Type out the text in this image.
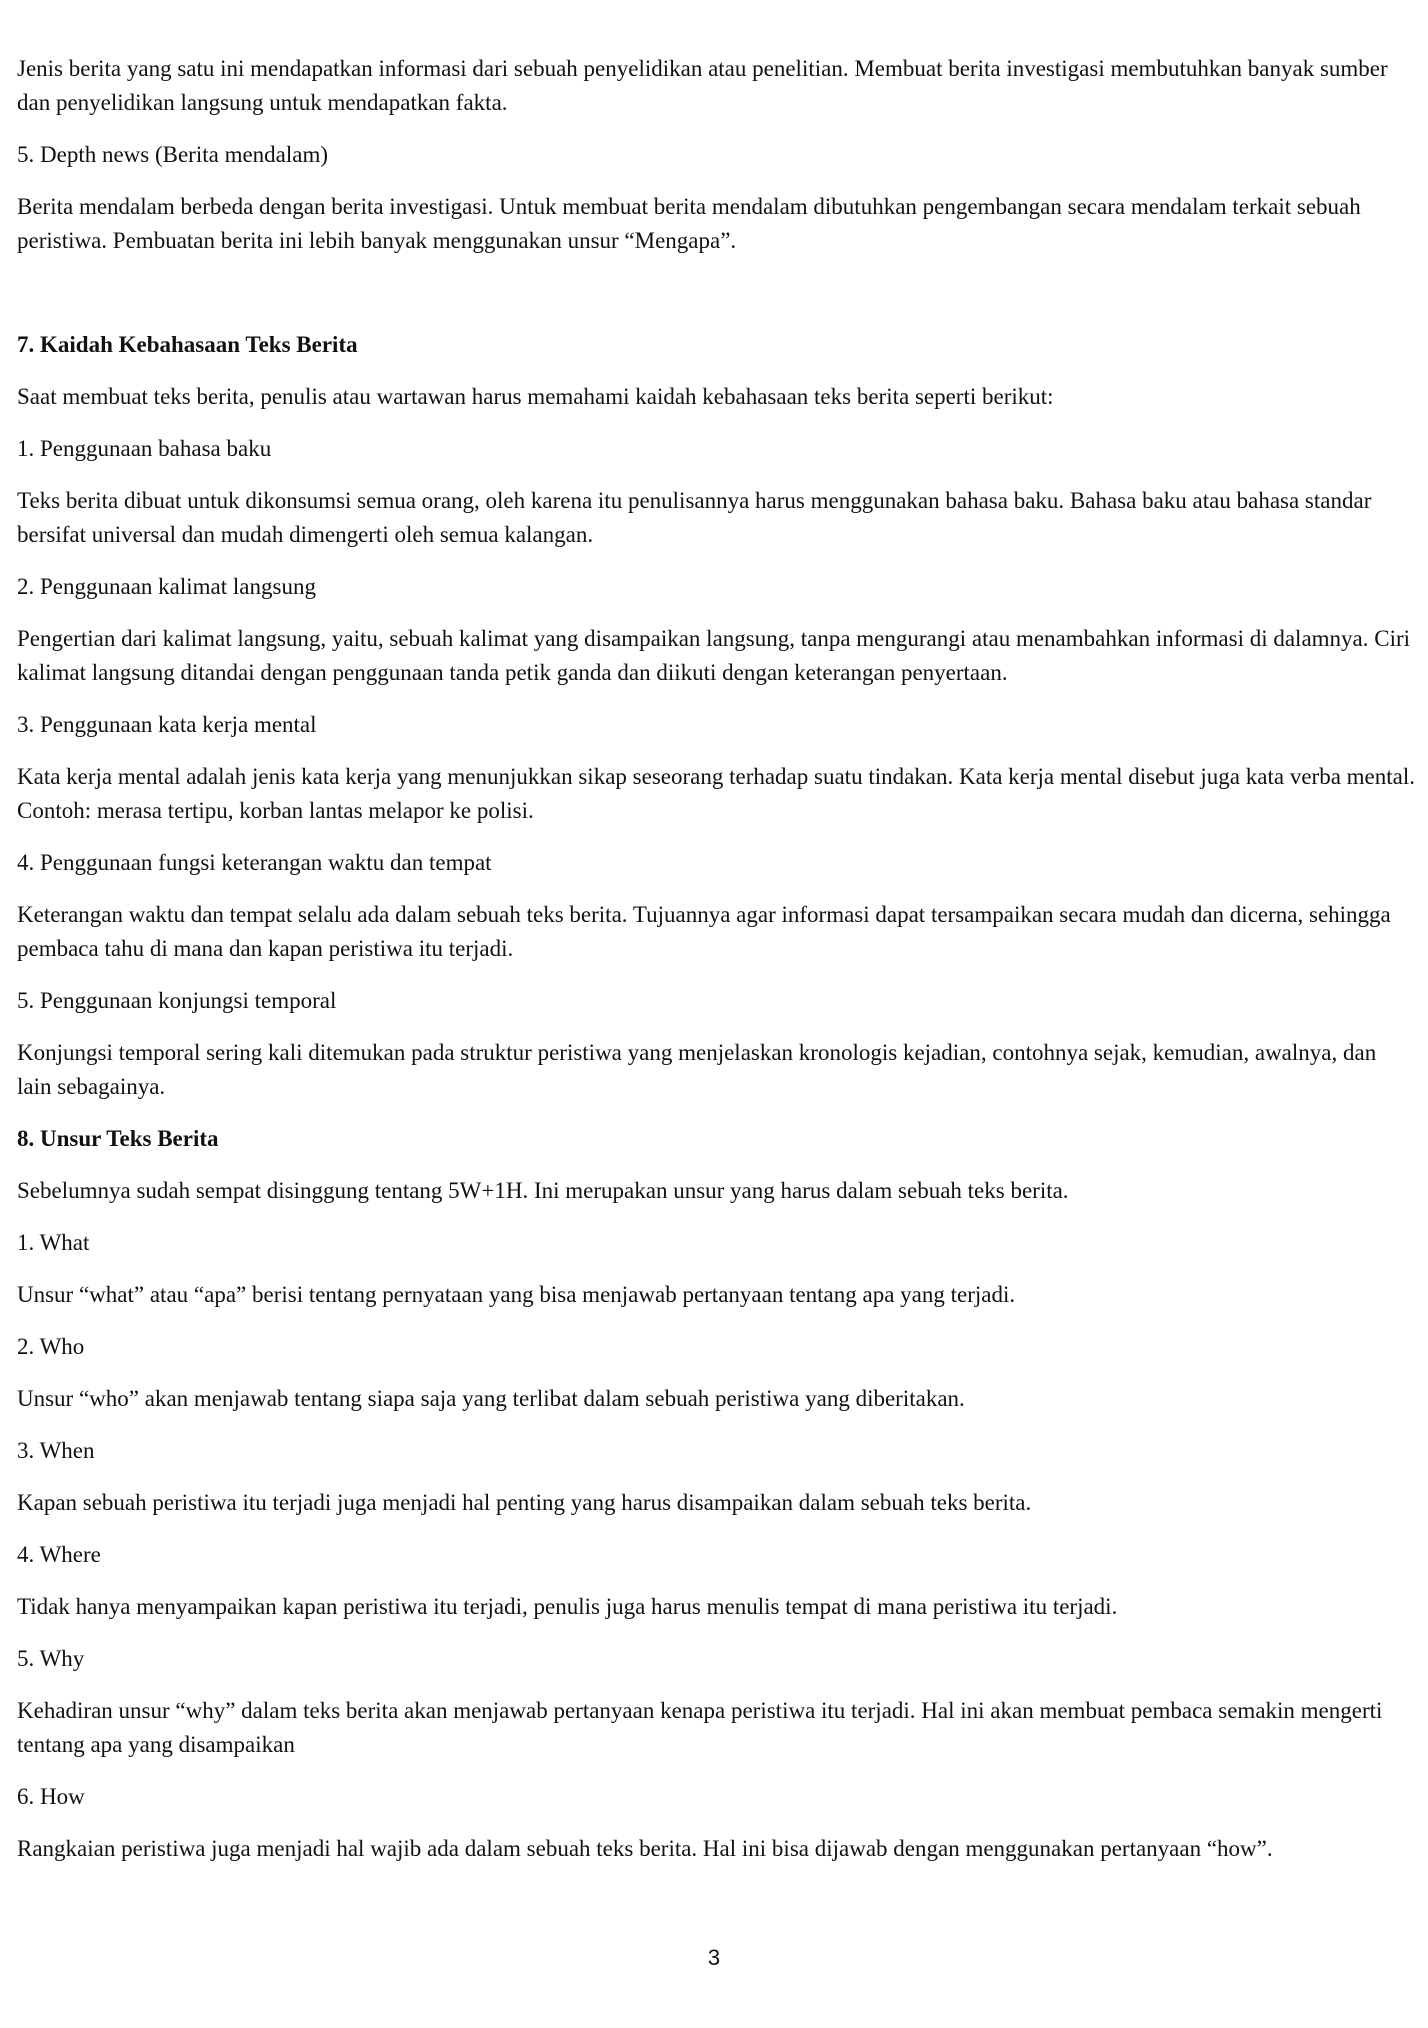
Jenis berita yang satu ini mendapatkan informasi dari sebuah penyelidikan atau penelitian. Membuat berita investigasi membutuhkan banyak sumber dan penyelidikan langsung untuk mendapatkan fakta.

5. Depth news (Berita mendalam)

Berita mendalam berbeda dengan berita investigasi. Untuk membuat berita mendalam dibutuhkan pengembangan secara mendalam terkait sebuah peristiwa. Pembuatan berita ini lebih banyak menggunakan unsur “Mengapa”.

7. Kaidah Kebahasaan Teks Berita

Saat membuat teks berita, penulis atau wartawan harus memahami kaidah kebahasaan teks berita seperti berikut:

1. Penggunaan bahasa baku

Teks berita dibuat untuk dikonsumsi semua orang, oleh karena itu penulisannya harus menggunakan bahasa baku. Bahasa baku atau bahasa standar bersifat universal dan mudah dimengerti oleh semua kalangan.

2. Penggunaan kalimat langsung

Pengertian dari kalimat langsung, yaitu, sebuah kalimat yang disampaikan langsung, tanpa mengurangi atau menambahkan informasi di dalamnya. Ciri kalimat langsung ditandai dengan penggunaan tanda petik ganda dan diikuti dengan keterangan penyertaan.

3. Penggunaan kata kerja mental

Kata kerja mental adalah jenis kata kerja yang menunjukkan sikap seseorang terhadap suatu tindakan. Kata kerja mental disebut juga kata verba mental. Contoh: merasa tertipu, korban lantas melapor ke polisi.

4. Penggunaan fungsi keterangan waktu dan tempat

Keterangan waktu dan tempat selalu ada dalam sebuah teks berita. Tujuannya agar informasi dapat tersampaikan secara mudah dan dicerna, sehingga pembaca tahu di mana dan kapan peristiwa itu terjadi.

5. Penggunaan konjungsi temporal

Konjungsi temporal sering kali ditemukan pada struktur peristiwa yang menjelaskan kronologis kejadian, contohnya sejak, kemudian, awalnya, dan lain sebagainya.

8. Unsur Teks Berita

Sebelumnya sudah sempat disinggung tentang 5W+1H. Ini merupakan unsur yang harus dalam sebuah teks berita.

1. What

Unsur “what” atau “apa” berisi tentang pernyataan yang bisa menjawab pertanyaan tentang apa yang terjadi.

2. Who

Unsur “who” akan menjawab tentang siapa saja yang terlibat dalam sebuah peristiwa yang diberitakan.

3. When

Kapan sebuah peristiwa itu terjadi juga menjadi hal penting yang harus disampaikan dalam sebuah teks berita.

4. Where

Tidak hanya menyampaikan kapan peristiwa itu terjadi, penulis juga harus menulis tempat di mana peristiwa itu terjadi.

5. Why

Kehadiran unsur “why” dalam teks berita akan menjawab pertanyaan kenapa peristiwa itu terjadi. Hal ini akan membuat pembaca semakin mengerti tentang apa yang disampaikan

6. How

Rangkaian peristiwa juga menjadi hal wajib ada dalam sebuah teks berita. Hal ini bisa dijawab dengan menggunakan pertanyaan “how”.

3
